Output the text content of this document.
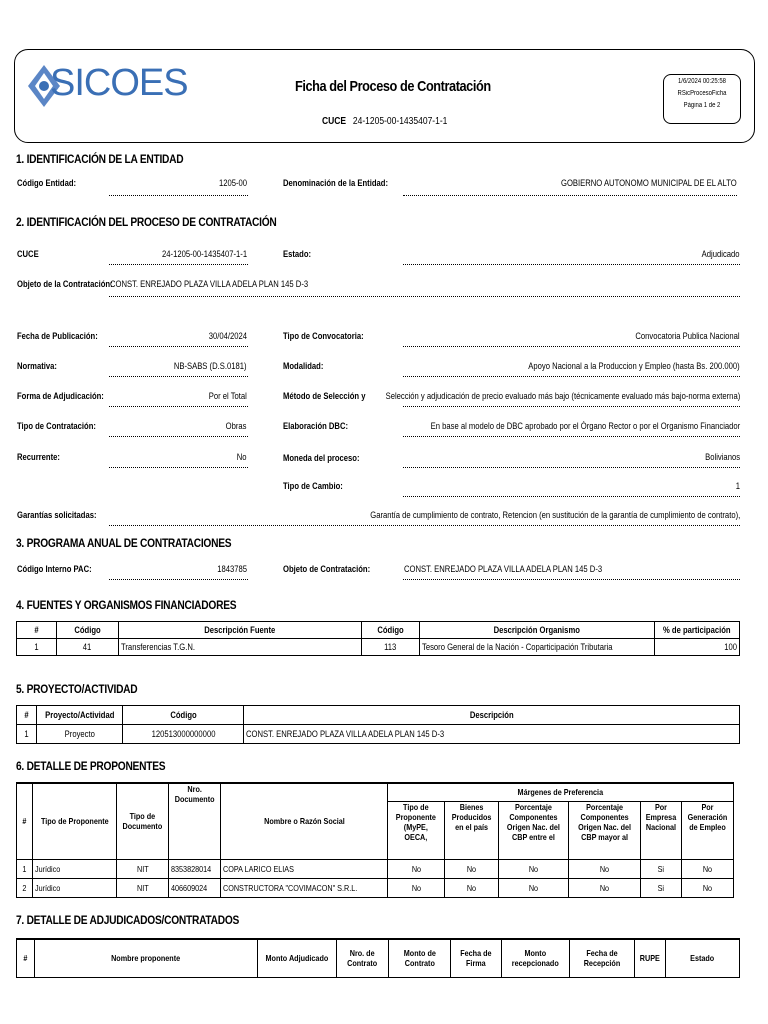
SICOES	Ficha del Proceso de Contratación
CUCE 24-1205-00-1435407-1-1
1/6/2024 00:25:58
RSicProcesoFicha
Página 1 de 2
1. IDENTIFICACIÓN DE LA ENTIDAD
Código Entidad:	1205-00	Denominación de la Entidad:	GOBIERNO AUTONOMO MUNICIPAL DE EL ALTO
2. IDENTIFICACIÓN DEL PROCESO DE CONTRATACIÓN
CUCE	24-1205-00-1435407-1-1	Estado:	Adjudicado
Objeto de la Contratación:
CONST. ENREJADO PLAZA VILLA ADELA PLAN 145 D-3
Fecha de Publicación:	30/04/2024	Tipo de Convocatoria:	Convocatoria Publica Nacional
Normativa:	NB-SABS (D.S.0181)	Modalidad:	Apoyo Nacional a la Produccion y Empleo (hasta Bs. 200.000)
Forma de Adjudicación:	Por el Total	Método de Selección y Selección y adjudicación de precio evaluado más bajo (técnicamente evaluado más bajo-norma externa)
Tipo de Contratación:	Obras	Elaboración DBC:	En base al modelo de DBC aprobado por el Órgano Rector o por el Organismo Financiador
Recurrente:	No	Moneda del proceso:	Bolivianos
Tipo de Cambio:	1
Garantías solicitadas:	Garantía de cumplimiento de contrato, Retencion (en sustitución de la garantía de cumplimiento de contrato),
3. PROGRAMA ANUAL DE CONTRATACIONES
Código Interno PAC:	1843785	Objeto de Contratación:	CONST. ENREJADO PLAZA VILLA ADELA PLAN 145 D-3
4. FUENTES Y ORGANISMOS FINANCIADORES
#	Código	Descripción Fuente	Código	Descripción Organismo	% de participación
1	41	Transferencias T.G.N.	113	Tesoro General de la Nación - Coparticipación Tributaria	100
5. PROYECTO/ACTIVIDAD
#	Proyecto/Actividad	Código	Descripción
1	Proyecto	120513000000000	CONST. ENREJADO PLAZA VILLA ADELA PLAN 145 D-3
6. DETALLE DE PROPONENTES
#	Tipo de Proponente	Tipo de Documento	Nro. Documento	Nombre o Razón Social	Márgenes de Preferencia					
					Tipo de Proponente (MyPE, OECA,	Bienes Producidos en el país	Porcentaje Componentes Origen Nac. del CBP entre el	Porcentaje Componentes Origen Nac. del CBP mayor al	Por Empresa Nacional	Por Generación de Empleo
1	Jurídico	NIT	8353828014	COPA LARICO ELIAS	No	No	No	No	Si	No
2	Jurídico	NIT	406609024	CONSTRUCTORA "COVIMACON" S.R.L.	No	No	No	No	Si	No
7. DETALLE DE ADJUDICADOS/CONTRATADOS
#	Nombre proponente	Monto Adjudicado	Nro. de Contrato	Monto de Contrato	Fecha de Firma	Monto recepcionado	Fecha de Recepción	RUPE	Estado
